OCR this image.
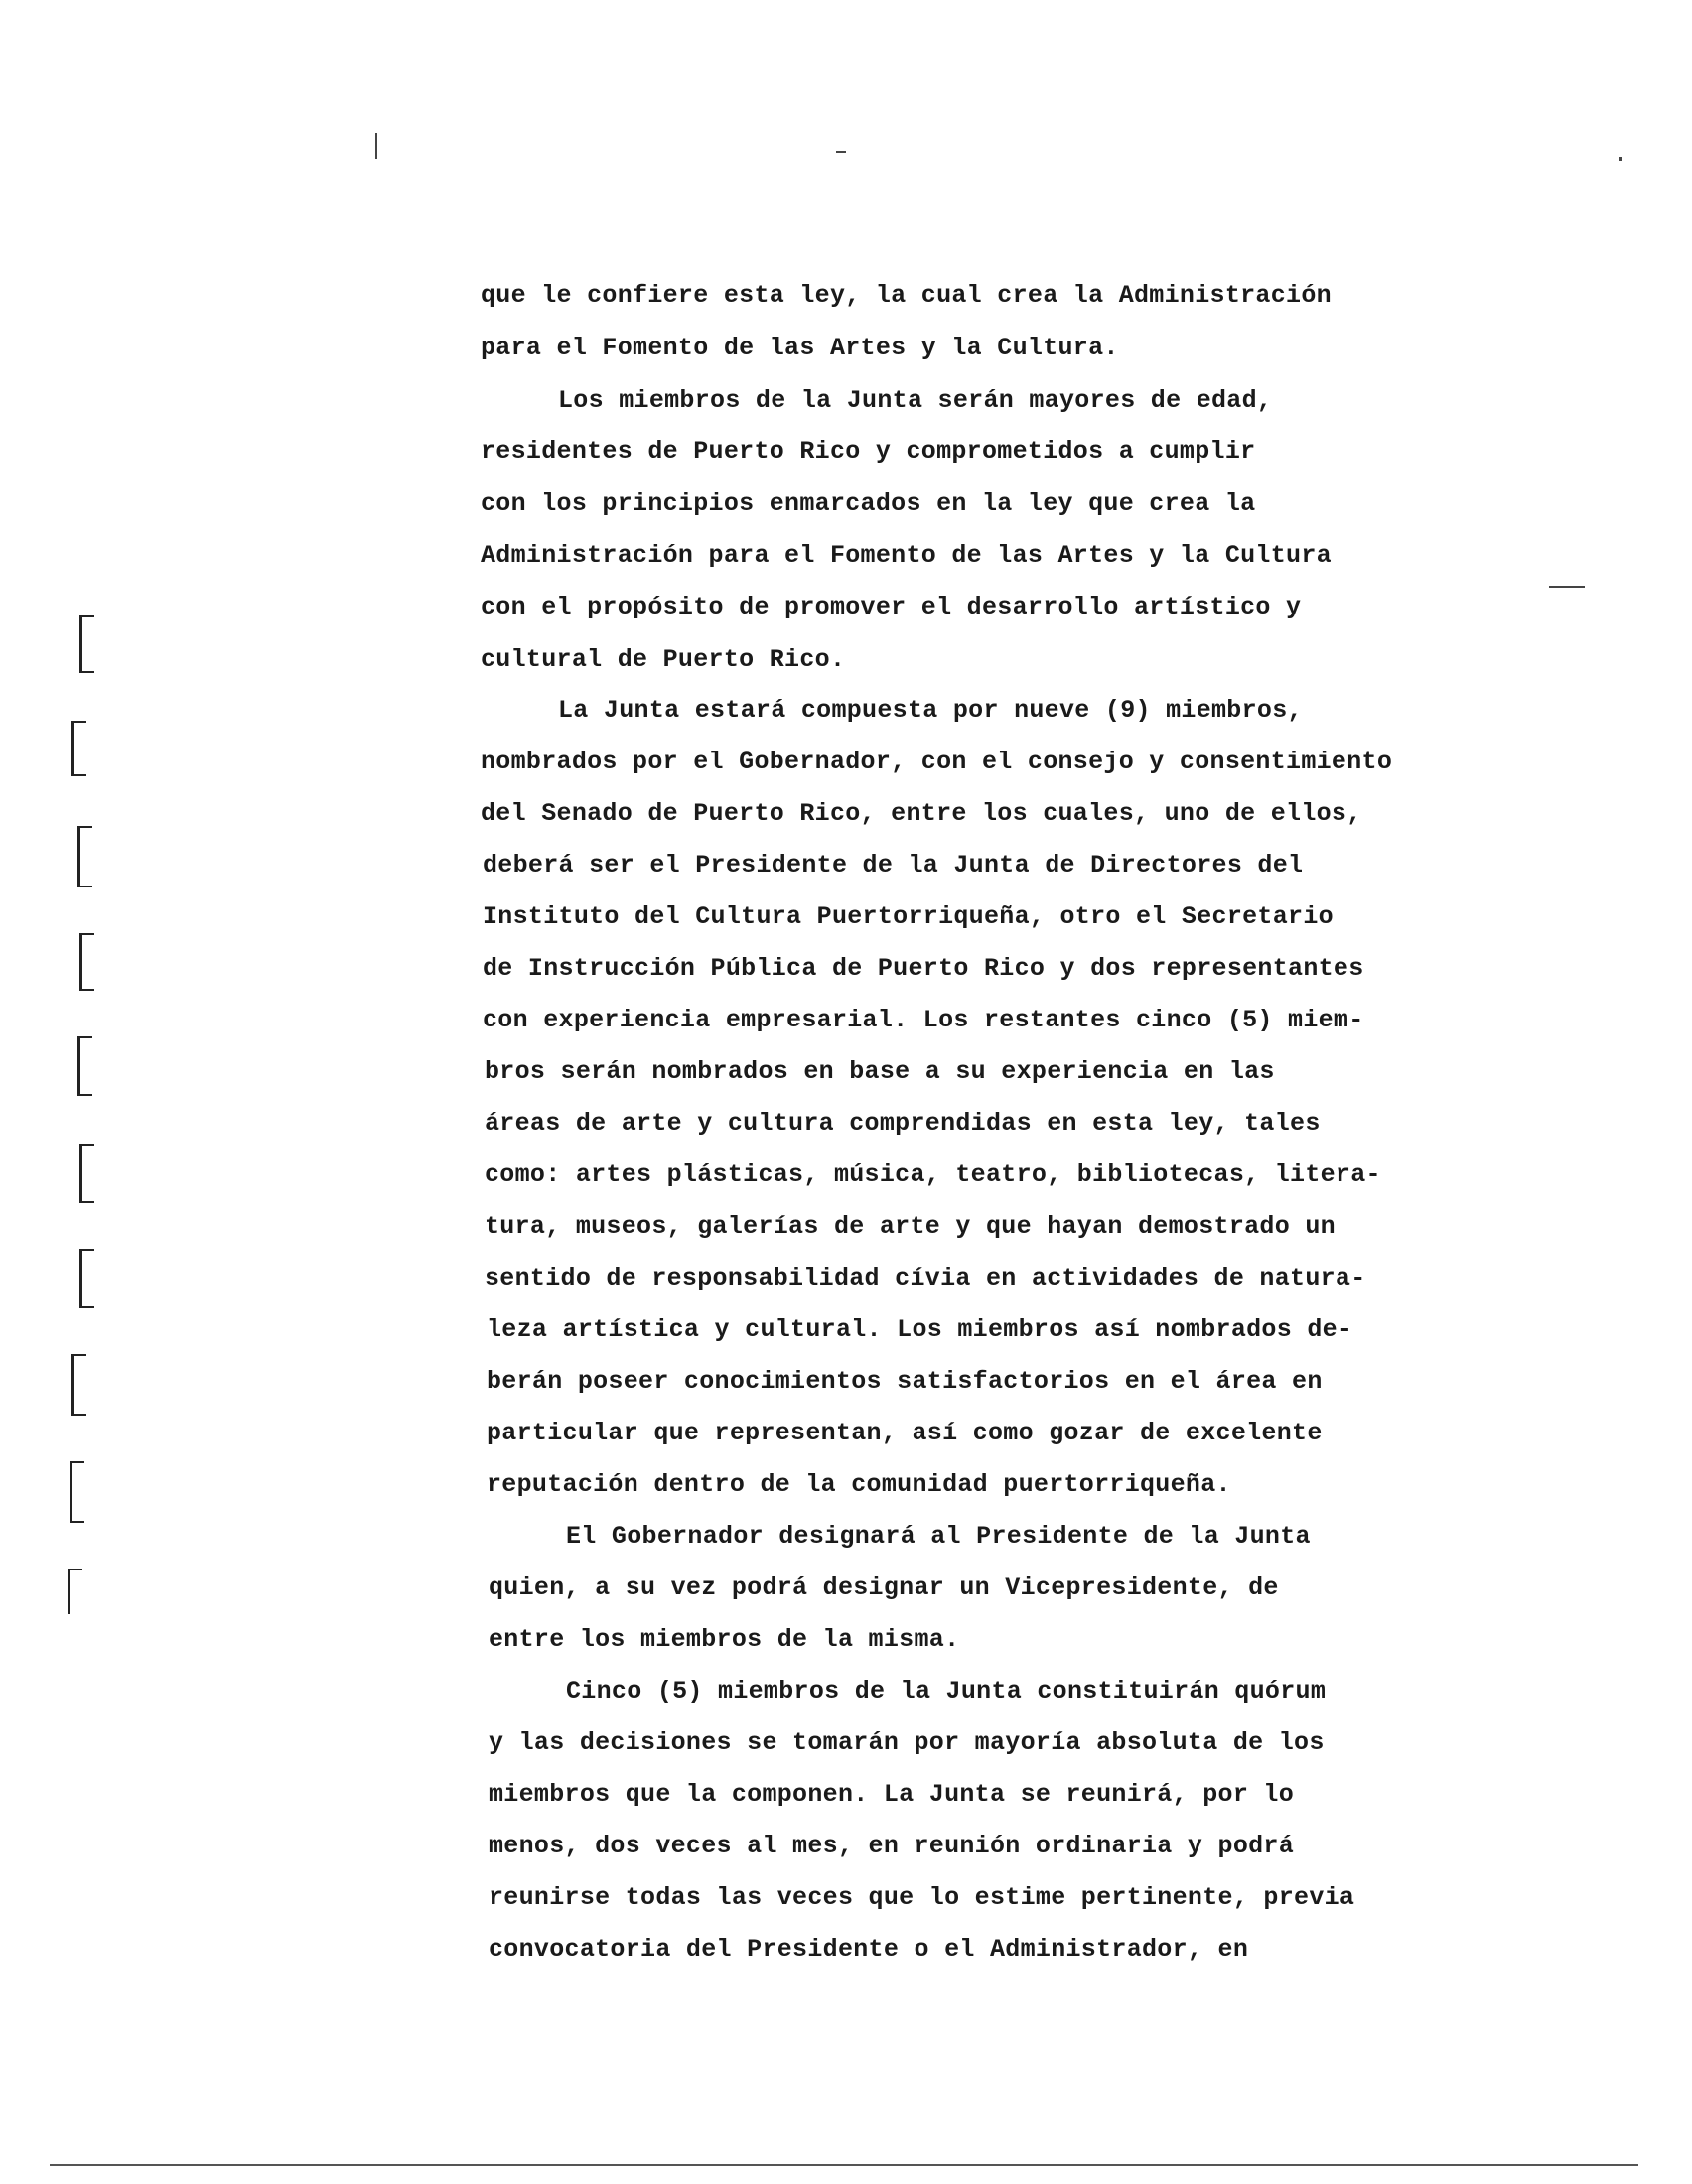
que le confiere esta ley, la cual crea la Administración
para el Fomento de las Artes y la Cultura.
Los miembros de la Junta serán mayores de edad,
residentes de Puerto Rico y comprometidos a cumplir
con los principios enmarcados en la ley que crea la
Administración para el Fomento de las Artes y la Cultura
con el propósito de promover el desarrollo artístico y
cultural de Puerto Rico.
La Junta estará compuesta por nueve (9) miembros,
nombrados por el Gobernador, con el consejo y consentimiento
del Senado de Puerto Rico, entre los cuales, uno de ellos,
deberá ser el Presidente de la Junta de Directores del
Instituto del Cultura Puertorriqueña, otro el Secretario
de Instrucción Pública de Puerto Rico y dos representantes
con experiencia empresarial. Los restantes cinco (5) miem-
bros serán nombrados en base a su experiencia en las
áreas de arte y cultura comprendidas en esta ley, tales
como: artes plásticas, música, teatro, bibliotecas, litera-
tura, museos, galerías de arte y que hayan demostrado un
sentido de responsabilidad cívia en actividades de natura-
leza artística y cultural. Los miembros así nombrados de-
berán poseer conocimientos satisfactorios en el área en
particular que representan, así como gozar de excelente
reputación dentro de la comunidad puertorriqueña.
El Gobernador designará al Presidente de la Junta
quien, a su vez podrá designar un Vicepresidente, de
entre los miembros de la misma.
Cinco (5) miembros de la Junta constituirán quórum
y las decisiones se tomarán por mayoría absoluta de los
miembros que la componen. La Junta se reunirá, por lo
menos, dos veces al mes, en reunión ordinaria y podrá
reunirse todas las veces que lo estime pertinente, previa
convocatoria del Presidente o el Administrador, en
